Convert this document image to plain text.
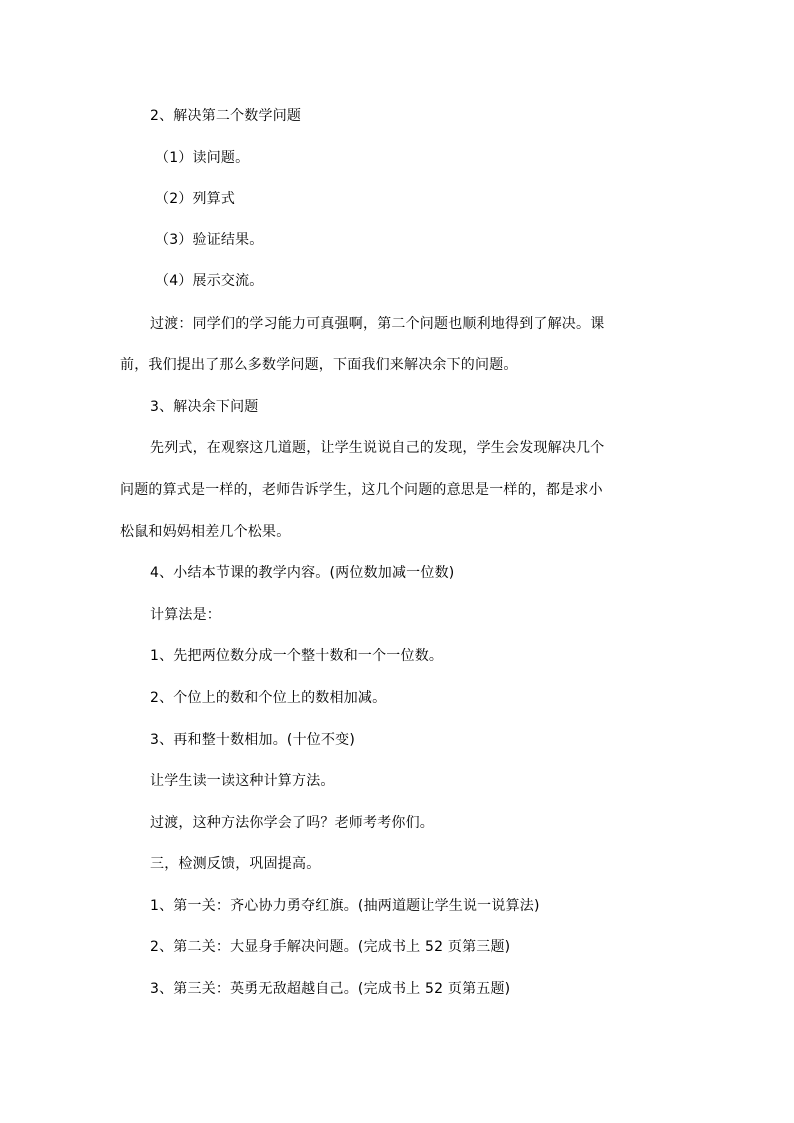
2、解决第二个数学问题
（1）读问题。
（2）列算式
（3）验证结果。
（4）展示交流。
过渡：同学们的学习能力可真强啊，第二个问题也顺利地得到了解决。课
前，我们提出了那么多数学问题，下面我们来解决余下的问题。
3、解决余下问题
先列式，在观察这几道题，让学生说说自己的发现，学生会发现解决几个
问题的算式是一样的，老师告诉学生，这几个问题的意思是一样的，都是求小
松鼠和妈妈相差几个松果。
4、小结本节课的教学内容。(两位数加减一位数)
计算法是：
1、先把两位数分成一个整十数和一个一位数。
2、个位上的数和个位上的数相加减。
3、再和整十数相加。(十位不变)
让学生读一读这种计算方法。
过渡，这种方法你学会了吗？老师考考你们。
三，检测反馈，巩固提高。
1、第一关：齐心协力勇夺红旗。(抽两道题让学生说一说算法)
2、第二关：大显身手解决问题。(完成书上 52 页第三题)
3、第三关：英勇无敌超越自己。(完成书上 52 页第五题)
